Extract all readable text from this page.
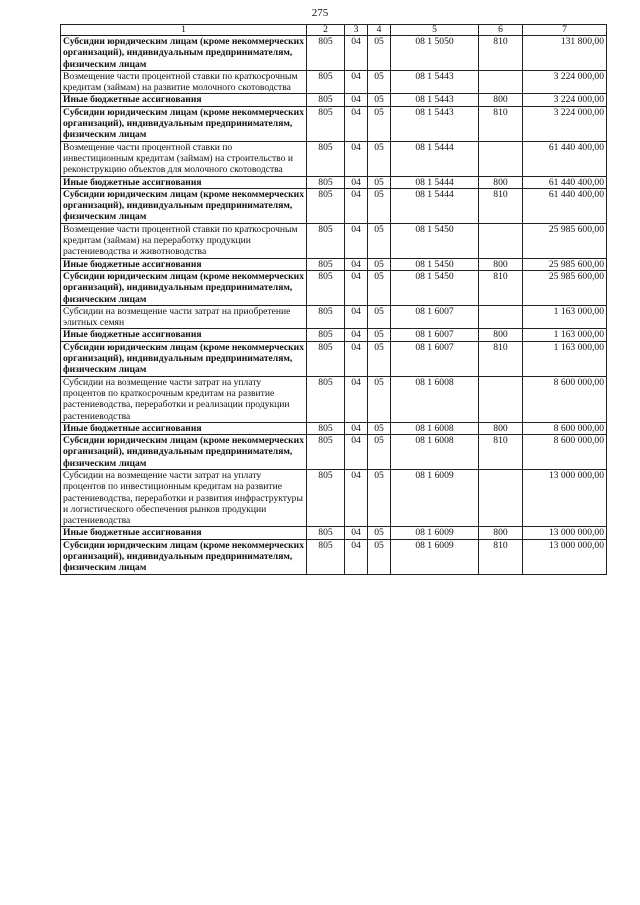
275
1	2	3	4	5	6	7
Субсидии юридическим лицам (кроме некоммерческих организаций), индивидуальным предпринимателям, физическим лицам	805	04	05	08 1 5050	810	131 800,00
Возмещение части процентной ставки по краткосрочным кредитам (займам) на развитие молочного скотоводства	805	04	05	08 1 5443		3 224 000,00
Иные бюджетные ассигнования	805	04	05	08 1 5443	800	3 224 000,00
Субсидии юридическим лицам (кроме некоммерческих организаций), индивидуальным предпринимателям, физическим лицам	805	04	05	08 1 5443	810	3 224 000,00
Возмещение части процентной ставки по инвестиционным кредитам (займам) на строительство и реконструкцию объектов для молочного скотоводства	805	04	05	08 1 5444		61 440 400,00
Иные бюджетные ассигнования	805	04	05	08 1 5444	800	61 440 400,00
Субсидии юридическим лицам (кроме некоммерческих организаций), индивидуальным предпринимателям, физическим лицам	805	04	05	08 1 5444	810	61 440 400,00
Возмещение части процентной ставки по краткосрочным кредитам (займам) на переработку продукции растениеводства и животноводства	805	04	05	08 1 5450		25 985 600,00
Иные бюджетные ассигнования	805	04	05	08 1 5450	800	25 985 600,00
Субсидии юридическим лицам (кроме некоммерческих организаций), индивидуальным предпринимателям, физическим лицам	805	04	05	08 1 5450	810	25 985 600,00
Субсидии на возмещение части затрат на приобретение элитных семян	805	04	05	08 1 6007		1 163 000,00
Иные бюджетные ассигнования	805	04	05	08 1 6007	800	1 163 000,00
Субсидии юридическим лицам (кроме некоммерческих организаций), индивидуальным предпринимателям, физическим лицам	805	04	05	08 1 6007	810	1 163 000,00
Субсидии на возмещение части затрат на уплату процентов по краткосрочным кредитам на развитие растениеводства, переработки и реализации продукции растениеводства	805	04	05	08 1 6008		8 600 000,00
Иные бюджетные ассигнования	805	04	05	08 1 6008	800	8 600 000,00
Субсидии юридическим лицам (кроме некоммерческих организаций), индивидуальным предпринимателям, физическим лицам	805	04	05	08 1 6008	810	8 600 000,00
Субсидии на возмещение части затрат на уплату процентов по инвестиционным кредитам на развитие растениеводства, переработки и развития инфраструктуры и логистического обеспечения рынков продукции растениеводства	805	04	05	08 1 6009		13 000 000,00
Иные бюджетные ассигнования	805	04	05	08 1 6009	800	13 000 000,00
Субсидии юридическим лицам (кроме некоммерческих организаций), индивидуальным предпринимателям, физическим лицам	805	04	05	08 1 6009	810	13 000 000,00
